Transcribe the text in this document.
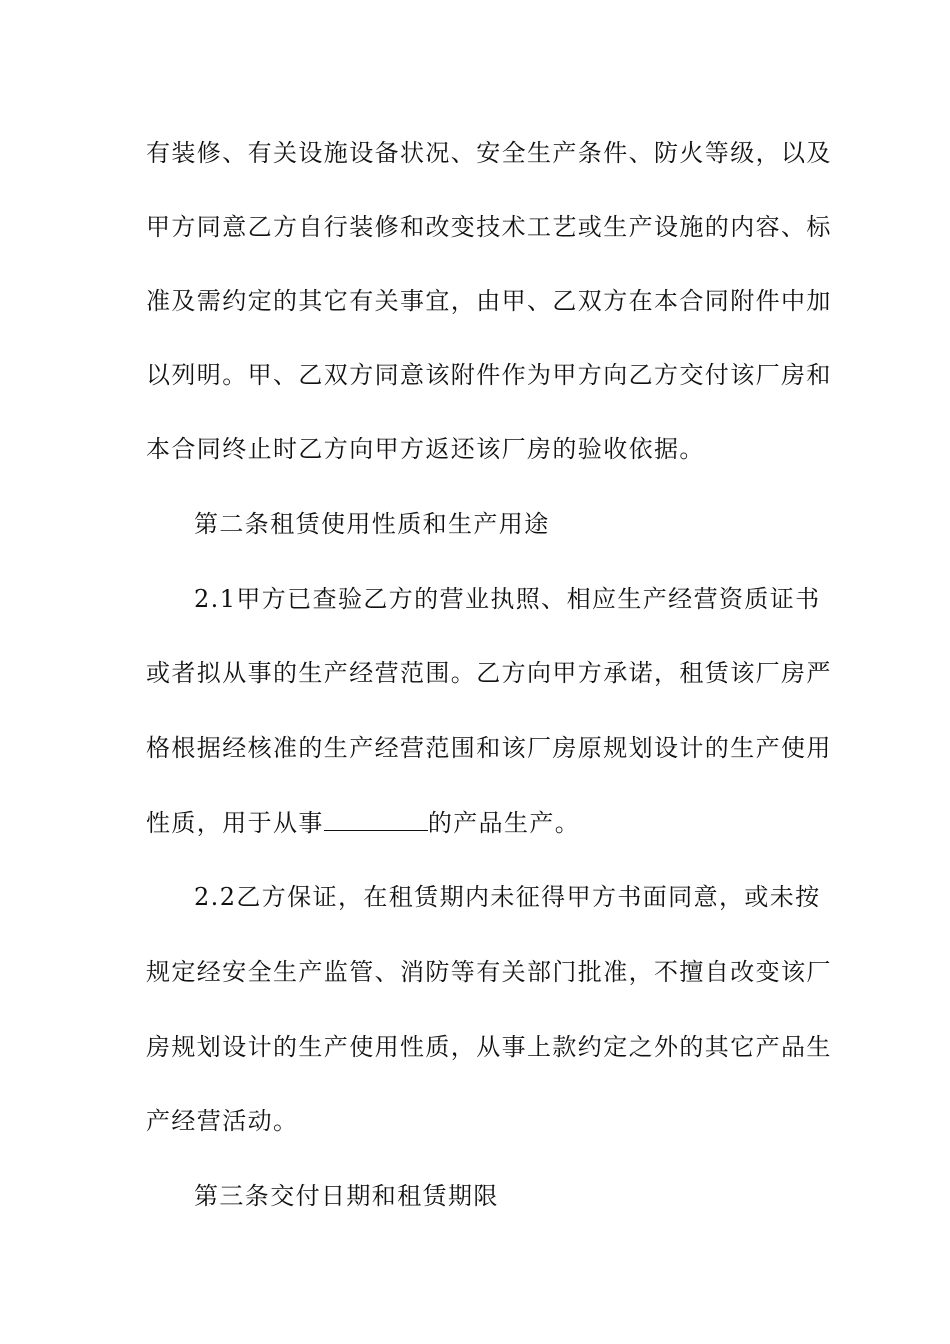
有装修、有关设施设备状况、安全生产条件、防火等级，以及
甲方同意乙方自行装修和改变技术工艺或生产设施的内容、标
准及需约定的其它有关事宜，由甲、乙双方在本合同附件中加
以列明。甲、乙双方同意该附件作为甲方向乙方交付该厂房和
本合同终止时乙方向甲方返还该厂房的验收依据。
第二条租赁使用性质和生产用途
2.1甲方已查验乙方的营业执照、相应生产经营资质证书
或者拟从事的生产经营范围。乙方向甲方承诺，租赁该厂房严
格根据经核准的生产经营范围和该厂房原规划设计的生产使用
性质，用于从事	的产品生产。
2.2乙方保证，在租赁期内未征得甲方书面同意，或未按
规定经安全生产监管、消防等有关部门批准，不擅自改变该厂
房规划设计的生产使用性质，从事上款约定之外的其它产品生
产经营活动。
第三条交付日期和租赁期限
